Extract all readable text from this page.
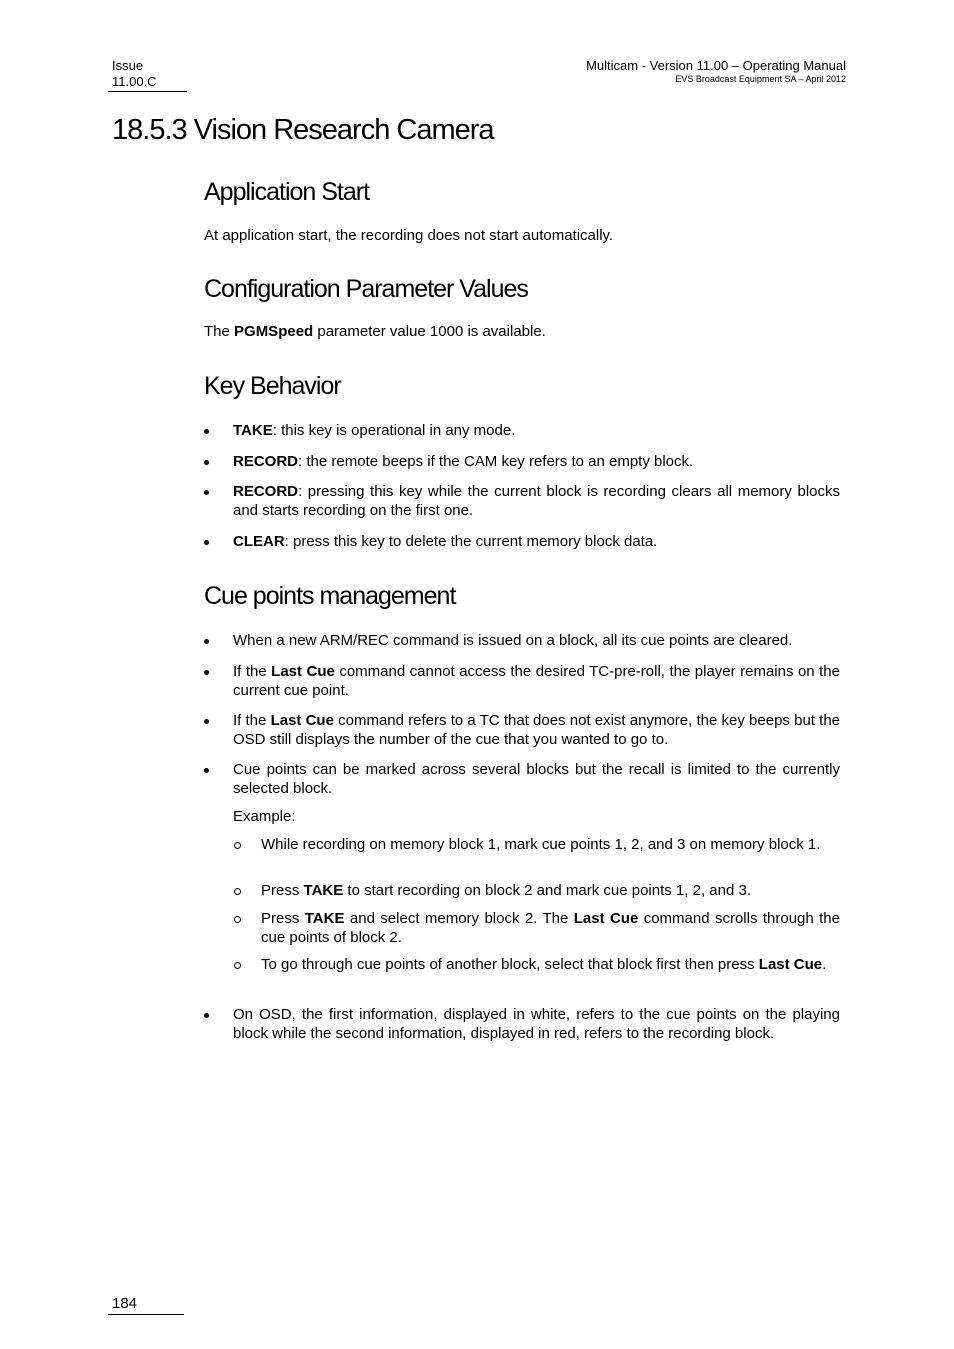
Issue
11.00.C
Multicam - Version 11.00 – Operating Manual
EVS Broadcast Equipment SA – April 2012
18.5.3 Vision Research Camera
Application Start
At application start, the recording does not start automatically.
Configuration Parameter Values
The PGMSpeed parameter value 1000 is available.
Key Behavior
TAKE: this key is operational in any mode.
RECORD: the remote beeps if the CAM key refers to an empty block.
RECORD: pressing this key while the current block is recording clears all memory blocks and starts recording on the first one.
CLEAR: press this key to delete the current memory block data.
Cue points management
When a new ARM/REC command is issued on a block, all its cue points are cleared.
If the Last Cue command cannot access the desired TC-pre-roll, the player remains on the current cue point.
If the Last Cue command refers to a TC that does not exist anymore, the key beeps but the OSD still displays the number of the cue that you wanted to go to.
Cue points can be marked across several blocks but the recall is limited to the currently selected block.
Example:
While recording on memory block 1, mark cue points 1, 2, and 3 on memory block 1.
Press TAKE to start recording on block 2 and mark cue points 1, 2, and 3.
Press TAKE and select memory block 2. The Last Cue command scrolls through the cue points of block 2.
To go through cue points of another block, select that block first then press Last Cue.
On OSD, the first information, displayed in white, refers to the cue points on the playing block while the second information, displayed in red, refers to the recording block.
184
